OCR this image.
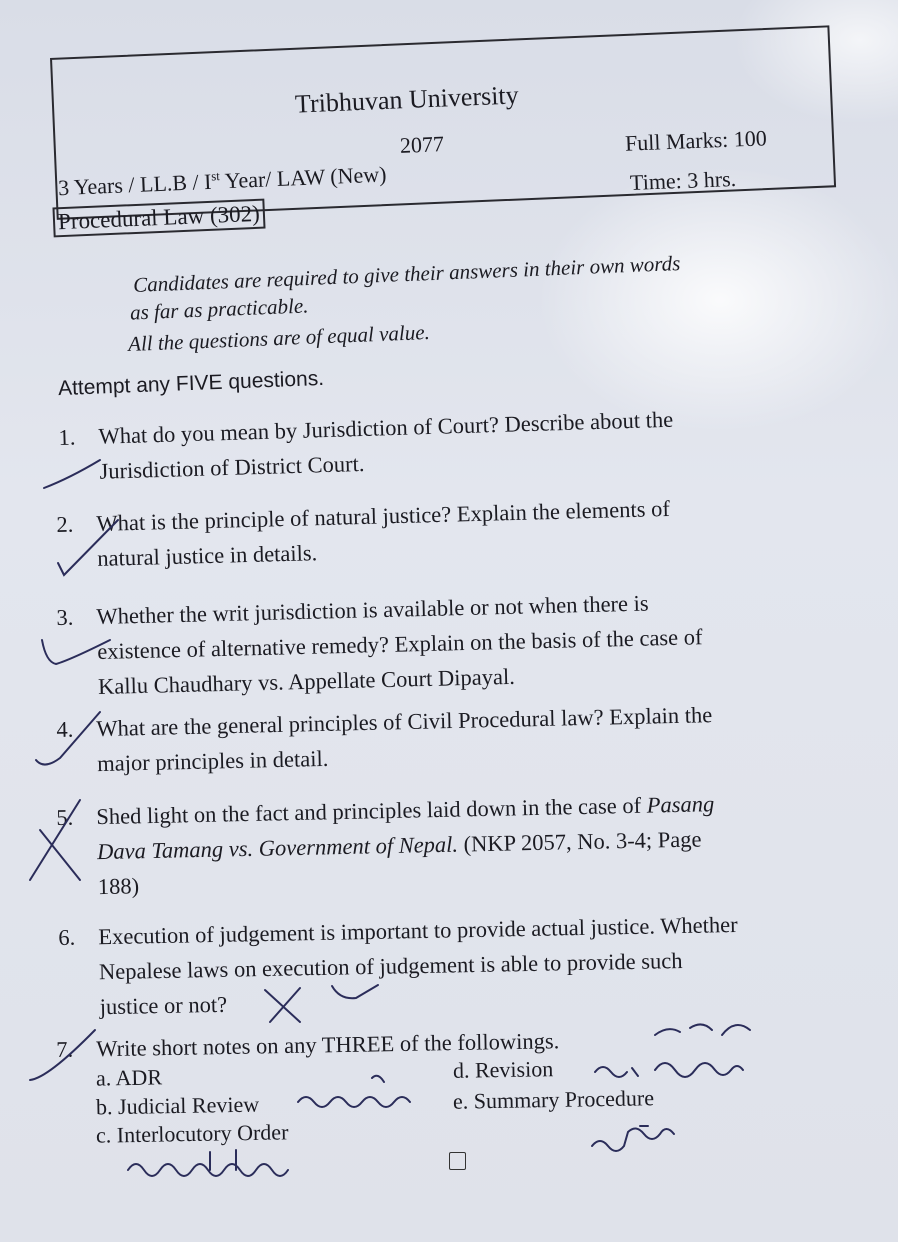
Tribhuvan University
2077	Full Marks: 100
Time: 3 hrs.
3 Years / LL.B / Ist Year/ LAW (New)
Procedural Law (302)
Candidates are required to give their answers in their own words
as far as practicable.
All the questions are of equal value.
Attempt any FIVE questions.
1. What do you mean by Jurisdiction of Court? Describe about the
Jurisdiction of District Court.
2. What is the principle of natural justice? Explain the elements of
natural justice in details.
3. Whether the writ jurisdiction is available or not when there is
existence of alternative remedy? Explain on the basis of the case of
Kallu Chaudhary vs. Appellate Court Dipayal.
4. What are the general principles of Civil Procedural law? Explain the
major principles in detail.
5. Shed light on the fact and principles laid down in the case of Pasang
Dava Tamang vs. Government of Nepal. (NKP 2057, No. 3-4; Page
188)
6. Execution of judgement is important to provide actual justice. Whether
Nepalese laws on execution of judgement is able to provide such
justice or not?
7. Write short notes on any THREE of the followings.
a. ADR
b. Judicial Review
c. Interlocutory Order
d. Revision
e. Summary Procedure
